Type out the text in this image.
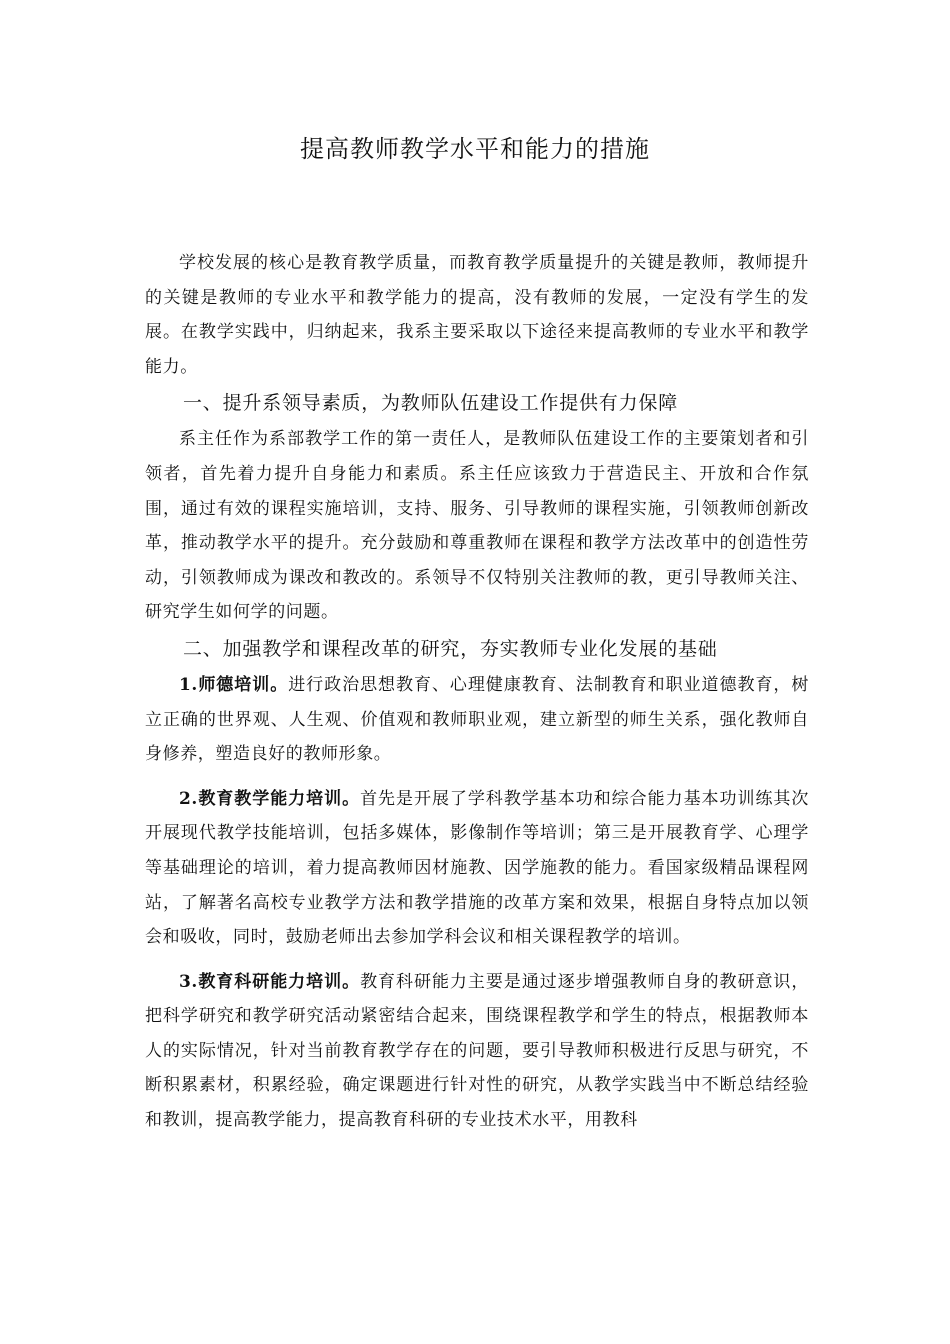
提高教师教学水平和能力的措施

学校发展的核心是教育教学质量，而教育教学质量提升的关键是教师，教师提升的关键是教师的专业水平和教学能力的提高，没有教师的发展，一定没有学生的发展。在教学实践中，归纳起来，我系主要采取以下途径来提高教师的专业水平和教学能力。

一、提升系领导素质，为教师队伍建设工作提供有力保障

系主任作为系部教学工作的第一责任人，是教师队伍建设工作的主要策划者和引领者，首先着力提升自身能力和素质。系主任应该致力于营造民主、开放和合作氛围，通过有效的课程实施培训，支持、服务、引导教师的课程实施，引领教师创新改革，推动教学水平的提升。充分鼓励和尊重教师在课程和教学方法改革中的创造性劳动，引领教师成为课改和教改的。系领导不仅特别关注教师的教，更引导教师关注、研究学生如何学的问题。

二、加强教学和课程改革的研究，夯实教师专业化发展的基础

1.师德培训。进行政治思想教育、心理健康教育、法制教育和职业道德教育，树立正确的世界观、人生观、价值观和教师职业观，建立新型的师生关系，强化教师自身修养，塑造良好的教师形象。

2.教育教学能力培训。首先是开展了学科教学基本功和综合能力基本功训练其次开展现代教学技能培训，包括多媒体，影像制作等培训；第三是开展教育学、心理学等基础理论的培训，着力提高教师因材施教、因学施教的能力。看国家级精品课程网站，了解著名高校专业教学方法和教学措施的改革方案和效果，根据自身特点加以领会和吸收，同时，鼓励老师出去参加学科会议和相关课程教学的培训。

3.教育科研能力培训。教育科研能力主要是通过逐步增强教师自身的教研意识，把科学研究和教学研究活动紧密结合起来，围绕课程教学和学生的特点，根据教师本人的实际情况，针对当前教育教学存在的问题，要引导教师积极进行反思与研究，不断积累素材，积累经验，确定课题进行针对性的研究，从教学实践当中不断总结经验和教训，提高教学能力，提高教育科研的专业技术水平，用教科
